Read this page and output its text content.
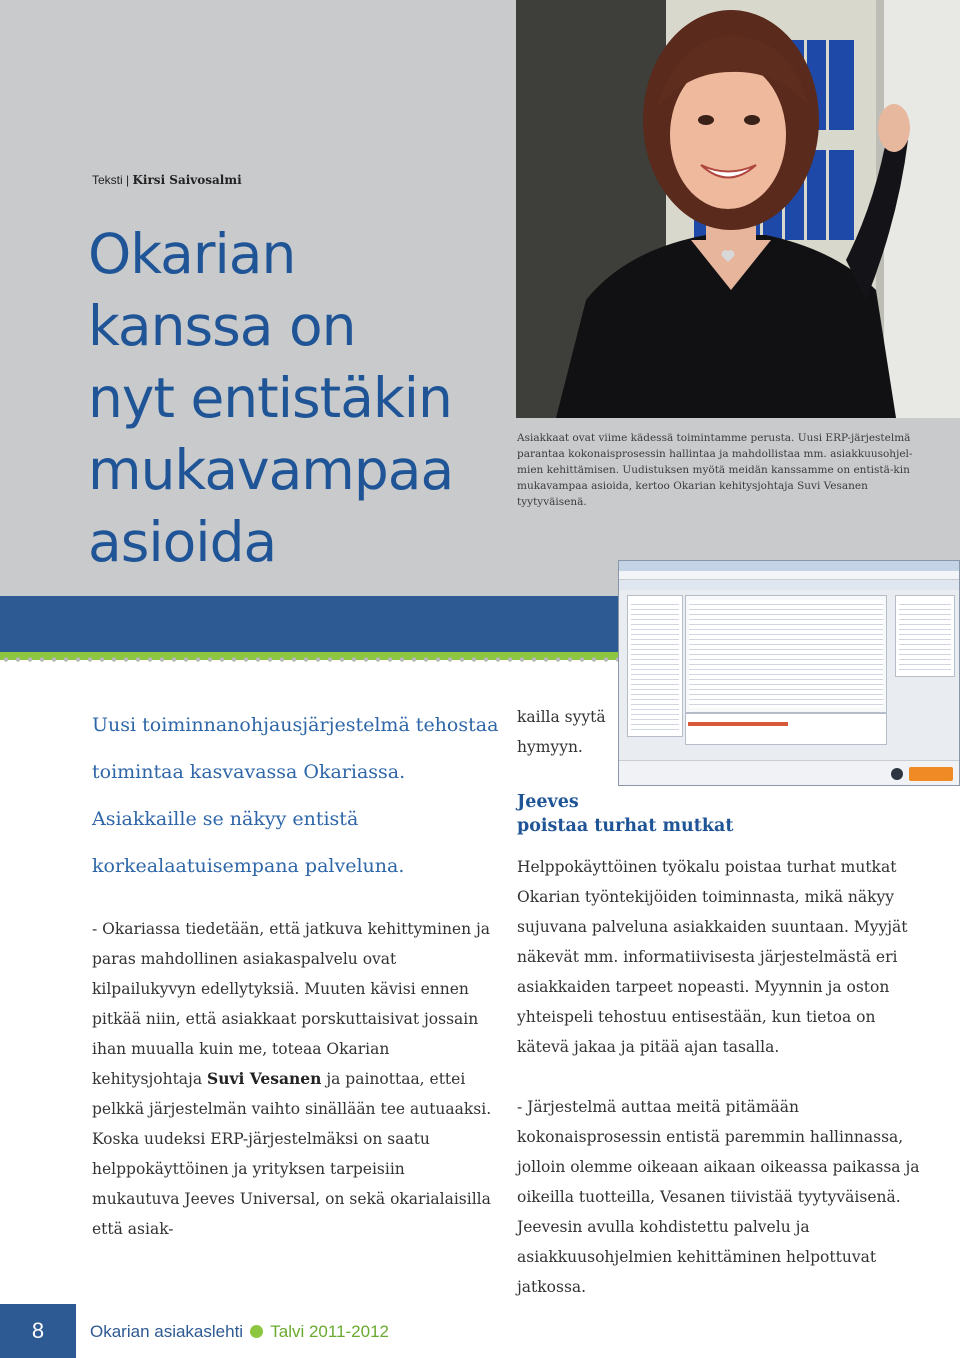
Teksti | Kirsi Saivosalmi
Okarian
kanssa on
nyt entistäkin
mukavampaa
asioida
Asiakkaat ovat viime kädessä toimintamme perusta. Uusi ERP-järjestelmä parantaa kokonaisprosessin hallintaa ja mahdollistaa mm. asiakkuusohjel-mien kehittämisen. Uudistuksen myötä meidän kanssamme on entistä-kin mukavampaa asioida, kertoo Okarian kehitysjohtaja Suvi Vesanen tyytyväisenä.
Uusi toiminnanohjausjärjestelmä tehostaa toimintaa kasvavassa Okariassa. Asiakkaille se näkyy entistä korkealaatuisempana palveluna.
- Okariassa tiedetään, että jatkuva kehittyminen ja paras mahdollinen asiakaspalvelu ovat kilpailukyvyn edellytyksiä. Muuten kävisi ennen pitkää niin, että asiakkaat porskuttaisivat jossain ihan muualla kuin me, toteaa Okarian kehitysjohtaja Suvi Vesanen ja painottaa, ettei pelkkä järjestelmän vaihto sinällään tee autuaaksi.
Koska uudeksi ERP-järjestelmäksi on saatu helppokäyttöinen ja yrityksen tarpeisiin mukautuva Jeeves Universal, on sekä okarialaisilla että asiak-
kailla syytä hymyyn.
Jeeves
poistaa turhat mutkat
Helppokäyttöinen työkalu poistaa turhat mutkat Okarian työntekijöiden toiminnasta, mikä näkyy sujuvana palveluna asiakkaiden suuntaan. Myyjät näkevät mm. informatiivisesta järjestelmästä eri asiakkaiden tarpeet nopeasti. Myynnin ja oston yhteispeli tehostuu entisestään, kun tietoa on kätevä jakaa ja pitää ajan tasalla.
- Järjestelmä auttaa meitä pitämään kokonaisprosessin entistä paremmin hallinnassa, jolloin olemme oikeaan aikaan oikeassa paikassa ja oikeilla tuotteilla, Vesanen tiivistää tyytyväisenä. Jeevesin avulla kohdistettu palvelu ja asiakkuusohjelmien kehittäminen helpottuvat jatkossa.
8	Okarian asiakaslehti Talvi 2011-2012
